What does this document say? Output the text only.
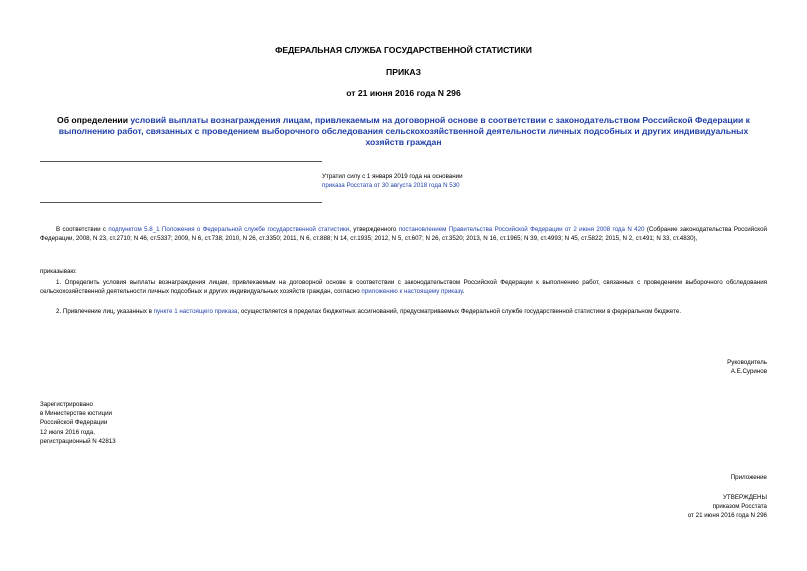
ФЕДЕРАЛЬНАЯ СЛУЖБА ГОСУДАРСТВЕННОЙ СТАТИСТИКИ
ПРИКАЗ
от 21 июня 2016 года N 296
Об определении условий выплаты вознаграждения лицам, привлекаемым на договорной основе в соответствии с законодательством Российской Федерации к выполнению работ, связанных с проведением выборочного обследования сельскохозяйственной деятельности личных подсобных и других индивидуальных хозяйств граждан
Утратил силу с 1 января 2019 года на основании
приказа Росстата от 30 августа 2018 года N 530
В соответствии с подпунктом 5.8_1 Положения о Федеральной службе государственной статистики, утвержденного постановлением Правительства Российской Федерации от 2 июня 2008 года N 420 (Собрание законодательства Российской Федерации, 2008, N 23, ст.2710; N 46, ст.5337; 2009, N 6, ст.738; 2010, N 26, ст.3350; 2011, N 6, ст.888; N 14, ст.1935; 2012, N 5, ст.607; N 26, ст.3520; 2013, N 16, ст.1965; N 39, ст.4993; N 45, ст.5822; 2015, N 2, ст.491; N 33, ст.4830),
приказываю:
1. Определить условия выплаты вознаграждения лицам, привлекаемым на договорной основе в соответствии с законодательством Российской Федерации к выполнению работ, связанных с проведением выборочного обследования сельскохозяйственной деятельности личных подсобных и других индивидуальных хозяйств граждан, согласно приложению к настоящему приказу.
2. Привлечение лиц, указанных в пункте 1 настоящего приказа, осуществляется в пределах бюджетных ассигнований, предусматриваемых Федеральной службе государственной статистики в федеральном бюджете.
Руководитель
А.Е.Суринов
Зарегистрировано
в Министерстве юстиции
Российской Федерации
12 июля 2016 года,
регистрационный N 42813
Приложение
УТВЕРЖДЕНЫ
приказом Росстата
от 21 июня 2016 года N 296
